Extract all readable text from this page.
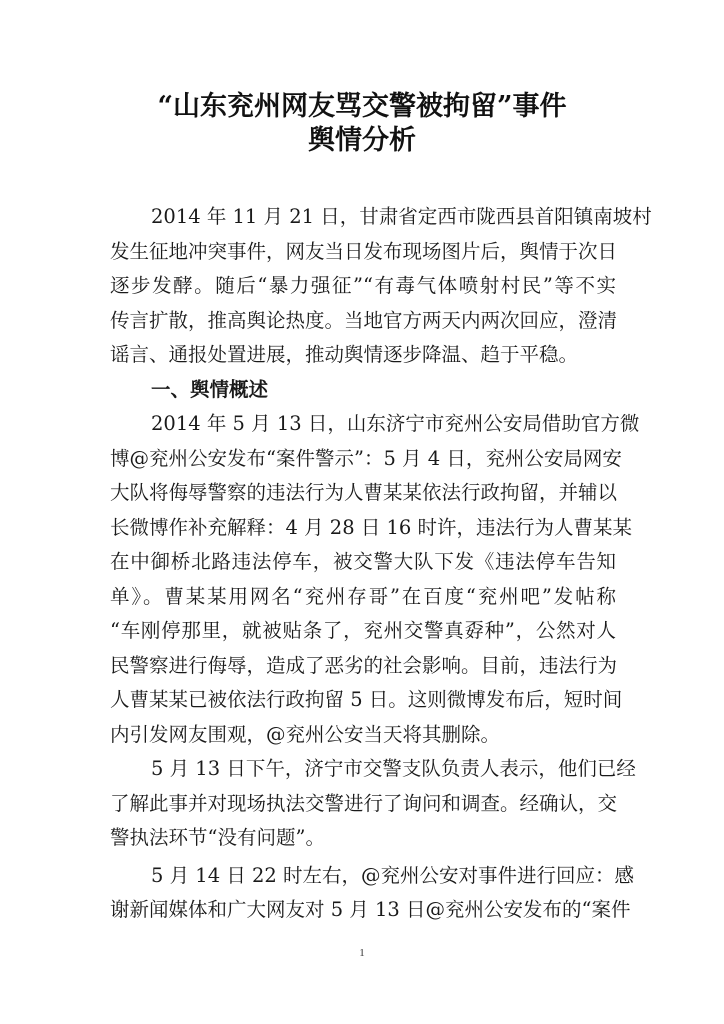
“山东兖州网友骂交警被拘留”事件
舆情分析
2014 年 11 月 21 日，甘肃省定西市陇西县首阳镇南坡村
发生征地冲突事件，网友当日发布现场图片后，舆情于次日
逐步发酵。随后“暴力强征”“有毒气体喷射村民”等不实
传言扩散，推高舆论热度。当地官方两天内两次回应，澄清
谣言、通报处置进展，推动舆情逐步降温、趋于平稳。
一、舆情概述
2014 年 5 月 13 日，山东济宁市兖州公安局借助官方微
博@兖州公安发布“案件警示”：5 月 4 日，兖州公安局网安
大队将侮辱警察的违法行为人曹某某依法行政拘留，并辅以
长微博作补充解释：4 月 28 日 16 时许，违法行为人曹某某
在中御桥北路违法停车，被交警大队下发《违法停车告知
单》。曹某某用网名“兖州存哥”在百度“兖州吧”发帖称
“车刚停那里，就被贴条了，兖州交警真孬种”，公然对人
民警察进行侮辱，造成了恶劣的社会影响。目前，违法行为
人曹某某已被依法行政拘留 5 日。这则微博发布后，短时间
内引发网友围观，@兖州公安当天将其删除。
5 月 13 日下午，济宁市交警支队负责人表示，他们已经
了解此事并对现场执法交警进行了询问和调查。经确认，交
警执法环节“没有问题”。
5 月 14 日 22 时左右，@兖州公安对事件进行回应：感
谢新闻媒体和广大网友对 5 月 13 日@兖州公安发布的“案件
1
